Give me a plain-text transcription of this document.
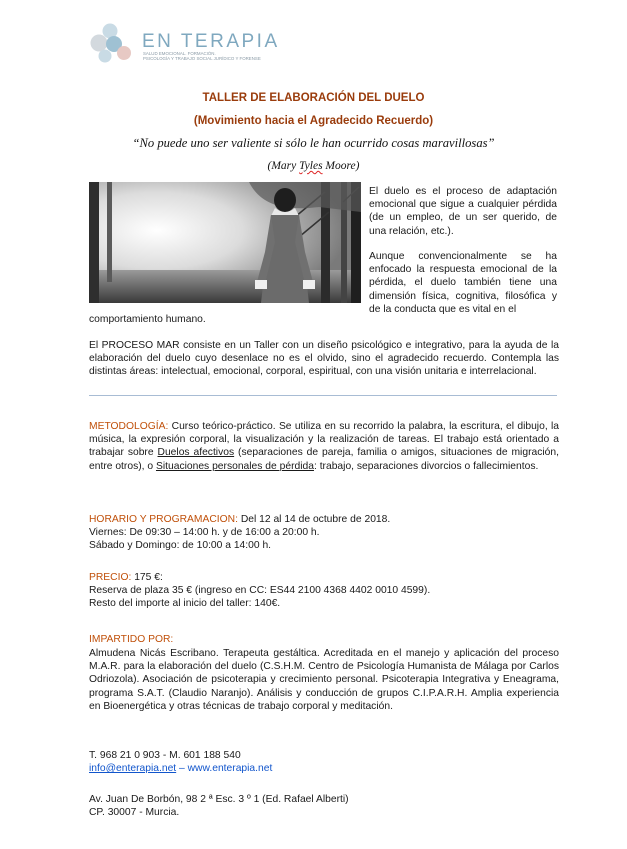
EN TERAPIA
SALUD EMOCIONAL. FORMACIÓN.
PSICOLOGÍA Y TRABAJO SOCIAL JURÍDICO Y FORENSE
TALLER DE ELABORACIÓN DEL DUELO
(Movimiento hacia el Agradecido Recuerdo)
“No puede uno ser valiente si sólo le han ocurrido cosas maravillosas”
(Mary Tyles Moore)
El duelo es el proceso de adaptación emocional que sigue a cualquier pérdida (de un empleo, de un ser querido, de una relación, etc.).
Aunque convencionalmente se ha enfocado la respuesta emocional de la pérdida, el duelo también tiene una dimensión física, cognitiva, filosófica y de la conducta que es vital en el
comportamiento humano.
El PROCESO MAR consiste en un Taller con un diseño psicológico e integrativo, para la ayuda de la elaboración del duelo cuyo desenlace no es el olvido, sino el agradecido recuerdo. Contempla las distintas áreas: intelectual, emocional, corporal, espiritual, con una visión unitaria e interrelacional.
METODOLOGÍA: Curso teórico-práctico. Se utiliza en su recorrido la palabra, la escritura, el dibujo, la música, la expresión corporal, la visualización y la realización de tareas. El trabajo está orientado a trabajar sobre Duelos afectivos (separaciones de pareja, familia o amigos, situaciones de migración, entre otros), o Situaciones personales de pérdida: trabajo, separaciones divorcios o fallecimientos.
HORARIO Y PROGRAMACION: Del 12 al 14 de octubre de 2018.
Viernes: De 09:30 – 14:00 h. y de 16:00 a 20:00 h.
Sábado y Domingo: de 10:00 a 14:00 h.
PRECIO: 175 €:
Reserva de plaza 35 € (ingreso en CC: ES44 2100 4368 4402 0010 4599).
Resto del importe al inicio del taller: 140€.
IMPARTIDO POR:
Almudena Nicás Escribano. Terapeuta gestáltica. Acreditada en el manejo y aplicación del proceso M.A.R. para la elaboración del duelo (C.S.H.M. Centro de Psicología Humanista de Málaga por Carlos Odriozola). Asociación de psicoterapia y crecimiento personal. Psicoterapia Integrativa y Eneagrama, programa S.A.T. (Claudio Naranjo). Análisis y conducción de grupos C.I.P.A.R.H. Amplia experiencia en Bioenergética y otras técnicas de trabajo corporal y meditación.
T. 968 21 0 903 - M. 601 188 540
info@enterapia.net – www.enterapia.net
Av. Juan De Borbón, 98 2 ª Esc. 3 º 1 (Ed. Rafael Alberti)
CP. 30007 - Murcia.
